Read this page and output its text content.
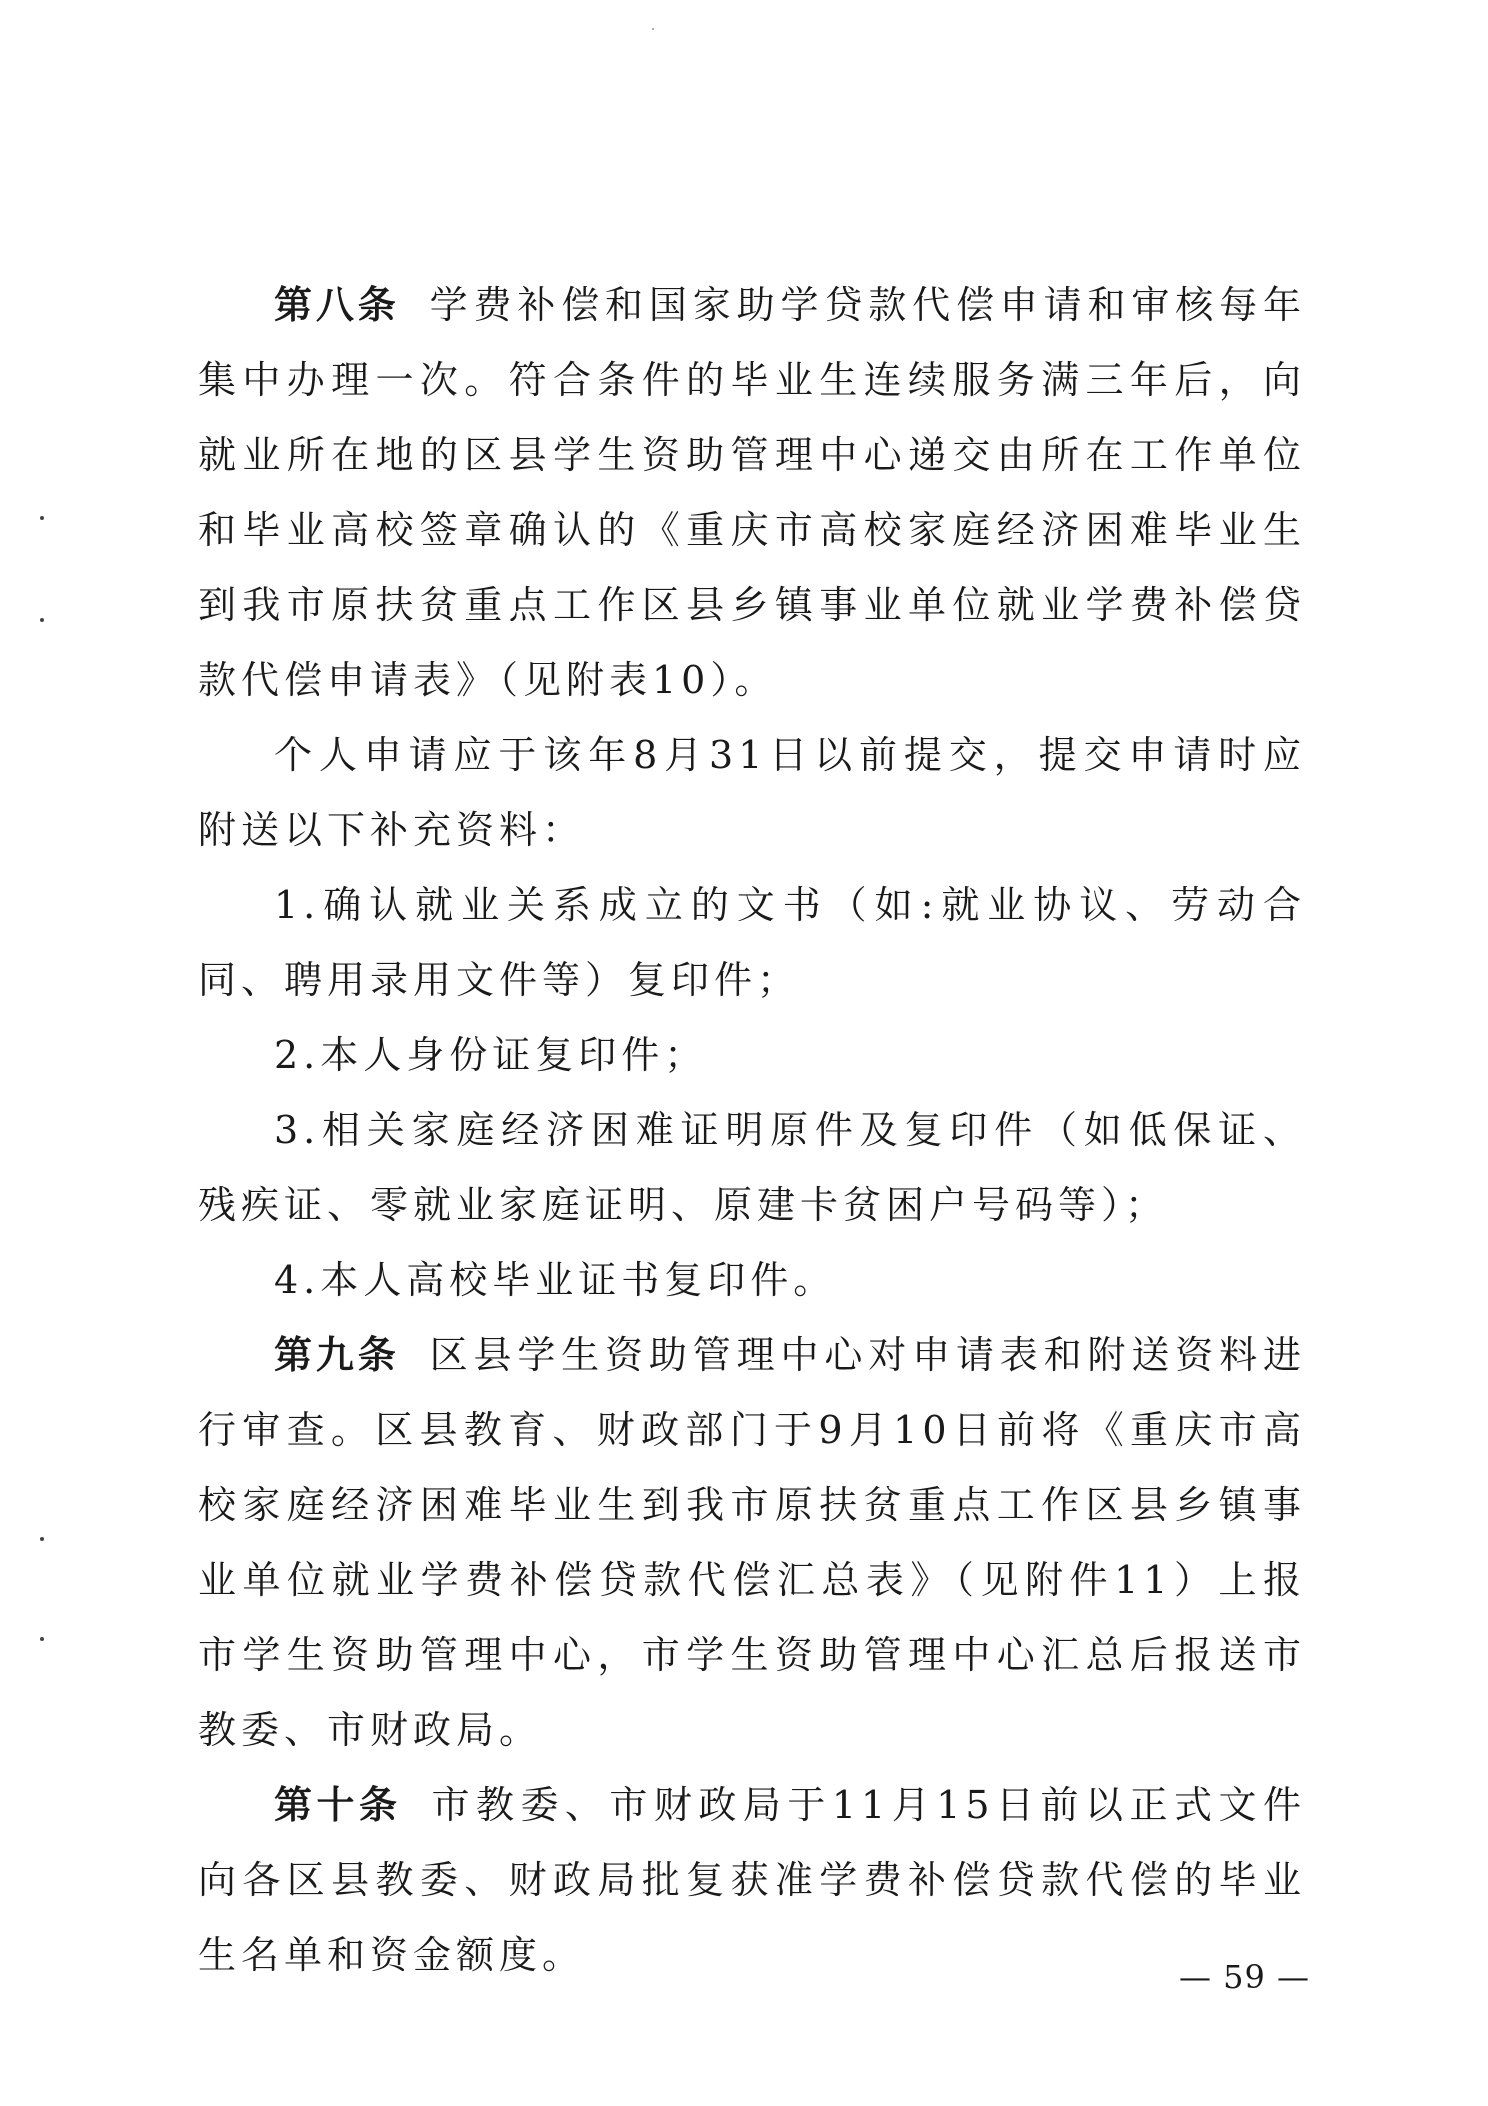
第八条 学费补偿和国家助学贷款代偿申请和审核每年集中办理一次。符合条件的毕业生连续服务满三年后，向就业所在地的区县学生资助管理中心递交由所在工作单位和毕业高校签章确认的《重庆市高校家庭经济困难毕业生到我市原扶贫重点工作区县乡镇事业单位就业学费补偿贷款代偿申请表》（见附表10）。

个人申请应于该年8月31日以前提交，提交申请时应附送以下补充资料：

1.确认就业关系成立的文书（如:就业协议、劳动合同、聘用录用文件等）复印件；

2.本人身份证复印件；

3.相关家庭经济困难证明原件及复印件（如低保证、残疾证、零就业家庭证明、原建卡贫困户号码等）；

4.本人高校毕业证书复印件。

第九条 区县学生资助管理中心对申请表和附送资料进行审查。区县教育、财政部门于9月10日前将《重庆市高校家庭经济困难毕业生到我市原扶贫重点工作区县乡镇事业单位就业学费补偿贷款代偿汇总表》（见附件11）上报市学生资助管理中心，市学生资助管理中心汇总后报送市教委、市财政局。

第十条 市教委、市财政局于11月15日前以正式文件向各区县教委、财政局批复获准学费补偿贷款代偿的毕业生名单和资金额度。	— 59 —
